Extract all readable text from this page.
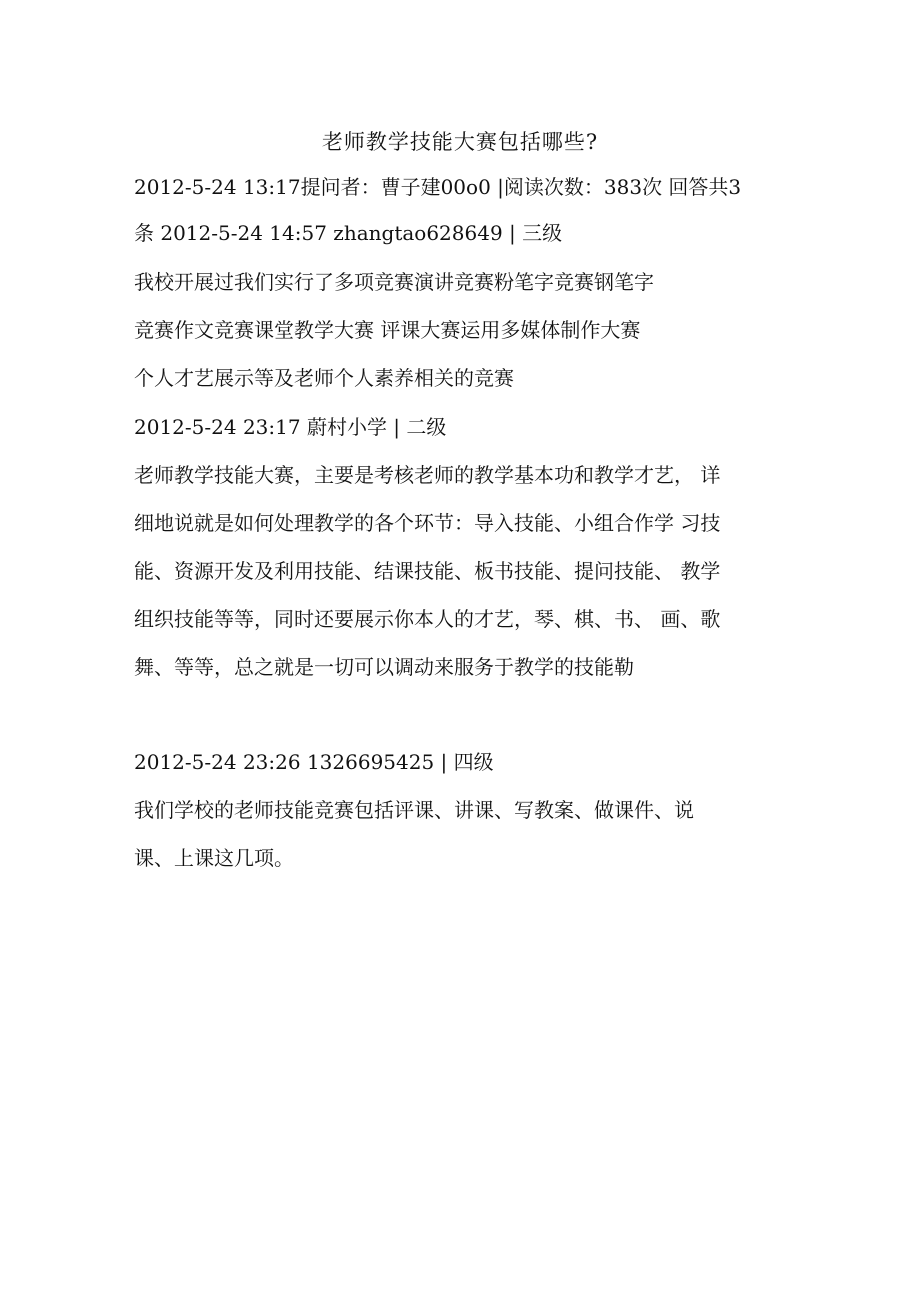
老师教学技能大赛包括哪些?
2012-5-24 13:17提问者：曹子建00o0 |阅读次数：383次 回答共3
条 2012-5-24 14:57 zhangtao628649 | 三级
我校开展过我们实行了多项竞赛演讲竞赛粉笔字竞赛钢笔字
竞赛作文竞赛课堂教学大赛 评课大赛运用多媒体制作大赛
个人才艺展示等及老师个人素养相关的竞赛
2012-5-24 23:17 蔚村小学 | 二级
老师教学技能大赛，主要是考核老师的教学基本功和教学才艺， 详
细地说就是如何处理教学的各个环节：导入技能、小组合作学 习技
能、资源开发及利用技能、结课技能、板书技能、提问技能、 教学
组织技能等等，同时还要展示你本人的才艺，琴、棋、书、 画、歌
舞、等等，总之就是一切可以调动来服务于教学的技能勒
2012-5-24 23:26 1326695425 | 四级
我们学校的老师技能竞赛包括评课、讲课、写教案、做课件、说
课、上课这几项。
